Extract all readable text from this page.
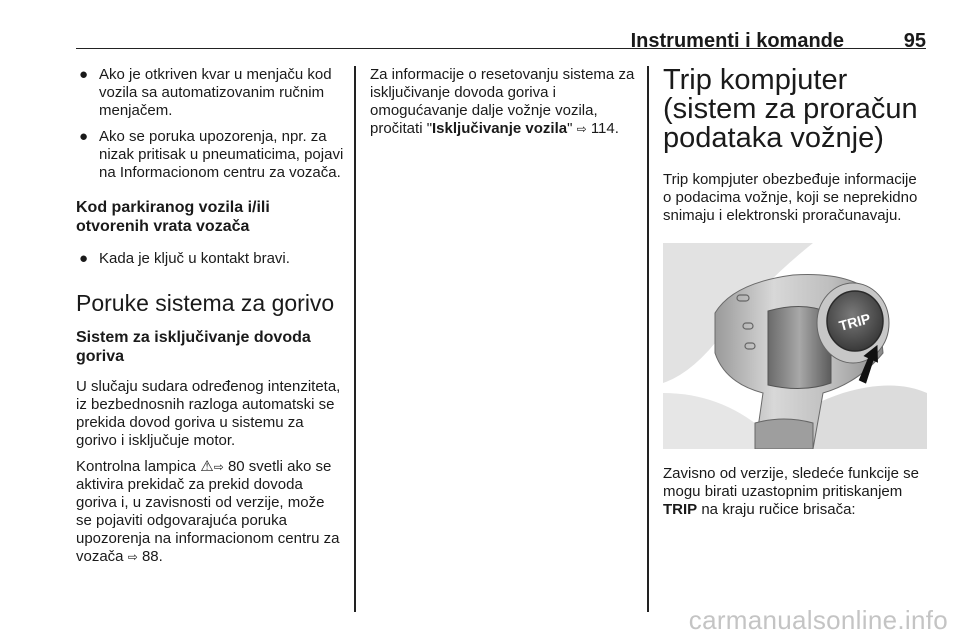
Instrumenti i komande	95

● Ako je otkriven kvar u menjaču kod vozila sa automatizovanim ručnim menjačem.

● Ako se poruka upozorenja, npr. za nizak pritisak u pneumaticima, pojavi na Informacionom centru za vozača.

Kod parkiranog vozila i/ili otvorenih vrata vozača

● Kada je ključ u kontakt bravi.

Poruke sistema za gorivo
Sistem za isključivanje dovoda goriva

U slučaju sudara određenog intenziteta, iz bezbednosnih razloga automatski se prekida dovod goriva u sistemu za gorivo i isključuje motor.

Kontrolna lampica ⚠⇨ 80 svetli ako se aktivira prekidač za prekid dovoda goriva i, u zavisnosti od verzije, može se pojaviti odgovarajuća poruka upozorenja na informacionom centru za vozača ⇨ 88.

Za informacije o resetovanju sistema za isključivanje dovoda goriva i omogućavanje dalje vožnje vozila, pročitati "Isključivanje vozila" ⇨ 114.

Trip kompjuter (sistem za proračun podataka vožnje)

Trip kompjuter obezbeđuje informacije o podacima vožnje, koji se neprekidno snimaju i elektronski proračunavaju.

TRIP

Zavisno od verzije, sledeće funkcije se mogu birati uzastopnim pritiskanjem TRIP na kraju ručice brisača:

carmanualsonline.info
